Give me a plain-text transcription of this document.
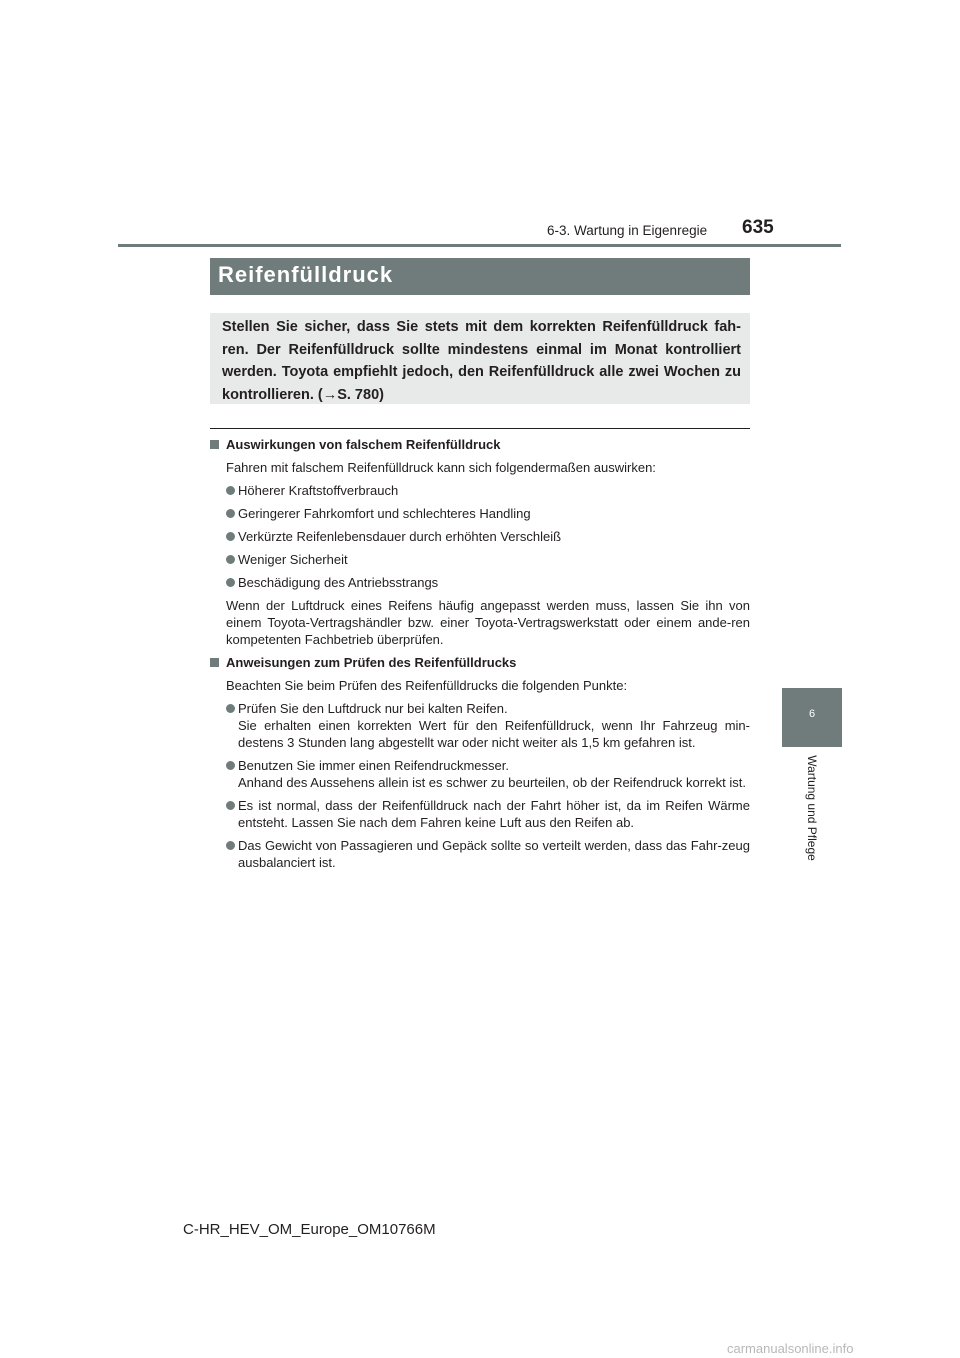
6-3. Wartung in Eigenregie 635
6
Wartung und Pflege
Reifenfülldruck

Stellen Sie sicher, dass Sie stets mit dem korrekten Reifenfülldruck fah-ren. Der Reifenfülldruck sollte mindestens einmal im Monat kontrolliert werden. Toyota empfiehlt jedoch, den Reifenfülldruck alle zwei Wochen zu kontrollieren. (→S. 780)

Auswirkungen von falschem Reifenfülldruck

Fahren mit falschem Reifenfülldruck kann sich folgendermaßen auswirken:

Höherer Kraftstoffverbrauch
Geringerer Fahrkomfort und schlechteres Handling
Verkürzte Reifenlebensdauer durch erhöhten Verschleiß
Weniger Sicherheit
Beschädigung des Antriebsstrangs

Wenn der Luftdruck eines Reifens häufig angepasst werden muss, lassen Sie ihn von einem Toyota-Vertragshändler bzw. einer Toyota-Vertragswerkstatt oder einem ande-ren kompetenten Fachbetrieb überprüfen.

Anweisungen zum Prüfen des Reifenfülldrucks

Beachten Sie beim Prüfen des Reifenfülldrucks die folgenden Punkte:

Prüfen Sie den Luftdruck nur bei kalten Reifen.
Sie erhalten einen korrekten Wert für den Reifenfülldruck, wenn Ihr Fahrzeug min-destens 3 Stunden lang abgestellt war oder nicht weiter als 1,5 km gefahren ist.
Benutzen Sie immer einen Reifendruckmesser.
Anhand des Aussehens allein ist es schwer zu beurteilen, ob der Reifendruck korrekt ist.
Es ist normal, dass der Reifenfülldruck nach der Fahrt höher ist, da im Reifen Wärme entsteht. Lassen Sie nach dem Fahren keine Luft aus den Reifen ab.
Das Gewicht von Passagieren und Gepäck sollte so verteilt werden, dass das Fahr-zeug ausbalanciert ist.
C-HR_HEV_OM_Europe_OM10766M
carmanualsonline.info
